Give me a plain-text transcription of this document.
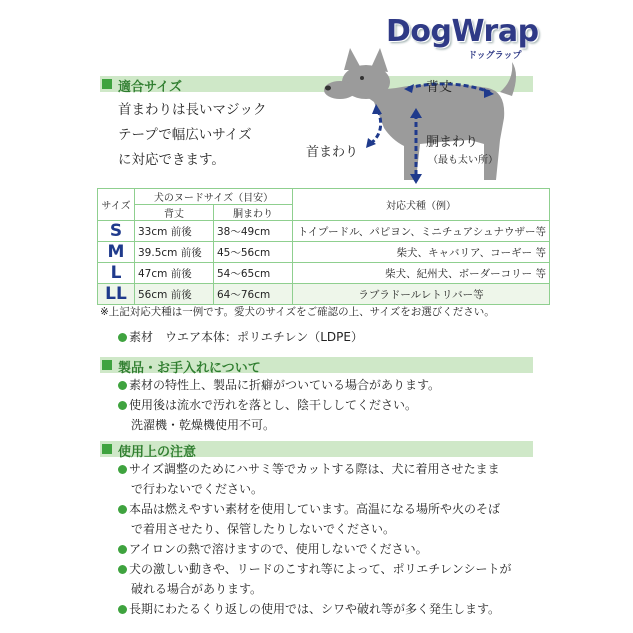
DogWrap
ドッグラップ
適合サイズ
首まわりは長いマジック
テープで幅広いサイズ
に対応できます。
背丈
首まわり
胴まわり
（最も太い所）
サイズ	犬のヌードサイズ（目安）		対応犬種（例）
	背丈	胴まわり	
S	33cm 前後	38〜49cm	トイプードル、パピヨン、ミニチュアシュナウザー等
M	39.5cm 前後	45〜56cm	柴犬、キャバリア、コーギー 等
L	47cm 前後	54〜65cm	柴犬、紀州犬、ボーダーコリー 等
LL	56cm 前後	64〜76cm	ラブラドールレトリバー等
※上記対応犬種は一例です。愛犬のサイズをご確認の上、サイズをお選びください。
素材　ウエア本体：ポリエチレン（LDPE）
製品・お手入れについて
素材の特性上、製品に折癖がついている場合があります。
使用後は流水で汚れを落とし、陰干ししてください。
洗濯機・乾燥機使用不可。
使用上の注意
サイズ調整のためにハサミ等でカットする際は、犬に着用させたまま
で行わないでください。
本品は燃えやすい素材を使用しています。高温になる場所や火のそば
で着用させたり、保管したりしないでください。
アイロンの熱で溶けますので、使用しないでください。
犬の激しい動きや、リードのこすれ等によって、ポリエチレンシートが
破れる場合があります。
長期にわたるくり返しの使用では、シワや破れ等が多く発生します。
